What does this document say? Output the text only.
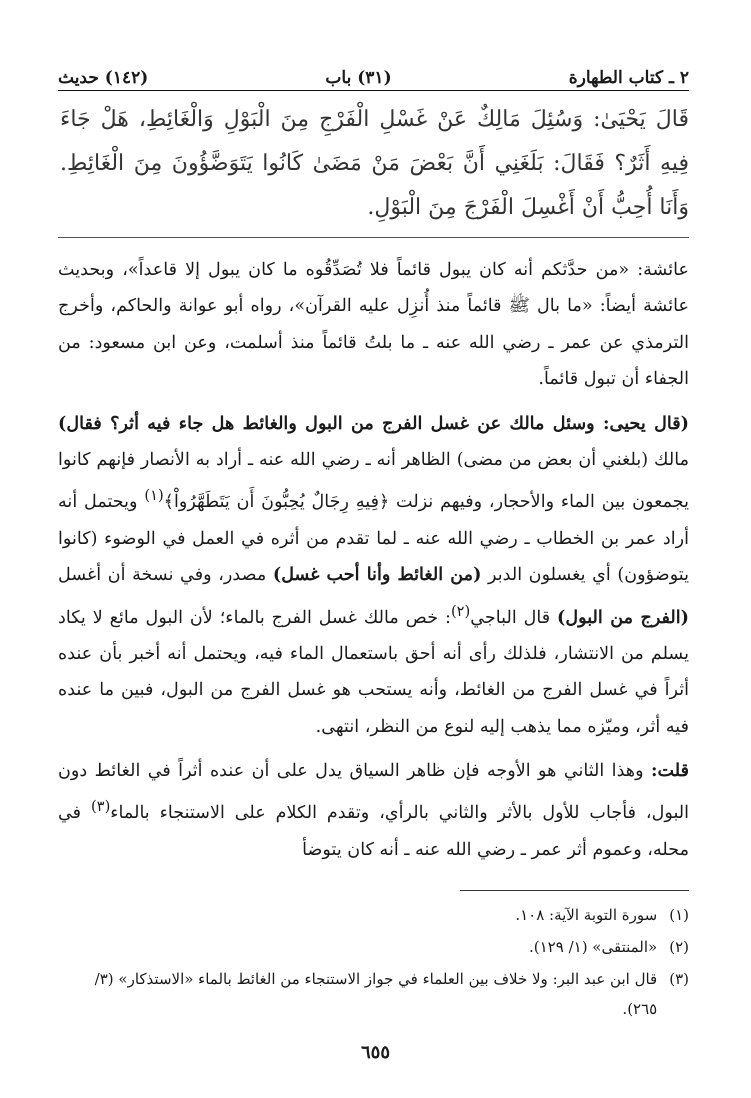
٢ ـ كتاب الطهارة
(٣١) باب
(١٤٢) حديث

قَالَ يَحْيَىٰ: وَسُئِلَ مَالِكٌ عَنْ غَسْلِ الْفَرْجِ مِنَ الْبَوْلِ وَالْغَائِطِ، هَلْ جَاءَ فِيهِ أَثَرٌ؟ فَقَالَ: بَلَغَنِي أَنَّ بَعْضَ مَنْ مَضَىٰ كَانُوا يَتَوَضَّؤُونَ مِنَ الْغَائِطِ. وَأَنَا أُحِبُّ أَنْ أَغْسِلَ الْفَرْجَ مِنَ الْبَوْلِ.

عائشة: «من حدَّثكم أنه كان يبول قائماً فلا تُصَدِّقُوه ما كان يبول إلا قاعداً»، وبحديث عائشة أيضاً: «ما بال ﷺ قائماً منذ أُنزِل عليه القرآن»، رواه أبو عوانة والحاكم، وأخرج الترمذي عن عمر ـ رضي الله عنه ـ ما بلتُ قائماً منذ أسلمت، وعن ابن مسعود: من الجفاء أن تبول قائماً.

(قال يحيى: وسئل مالك عن غسل الفرج من البول والغائط هل جاء فيه أثر؟ فقال) مالك (بلغني أن بعض من مضى) الظاهر أنه ـ رضي الله عنه ـ أراد به الأنصار فإنهم كانوا يجمعون بين الماء والأحجار، وفيهم نزلت ﴿فِيهِ رِجَالٌ يُحِبُّونَ أَن يَتَطَهَّرُواْ﴾$^{(١)}$ ويحتمل أنه أراد عمر بن الخطاب ـ رضي الله عنه ـ لما تقدم من أثره في العمل في الوضوء (كانوا يتوضؤون) أي يغسلون الدبر (من الغائط وأنا أحب غسل) مصدر، وفي نسخة أن أغسل (الفرج من البول) قال الباجي$^{(٢)}$: خص مالك غسل الفرج بالماء؛ لأن البول مائع لا يكاد يسلم من الانتشار، فلذلك رأى أنه أحق باستعمال الماء فيه، ويحتمل أنه أخبر بأن عنده أثراً في غسل الفرج من الغائط، وأنه يستحب هو غسل الفرج من البول، فبين ما عنده فيه أثر، وميّزه مما يذهب إليه لنوع من النظر، انتهى.

قلت: وهذا الثاني هو الأوجه فإن ظاهر السياق يدل على أن عنده أثراً في الغائط دون البول، فأجاب للأول بالأثر والثاني بالرأي، وتقدم الكلام على الاستنجاء بالماء$^{(٣)}$ في محله، وعموم أثر عمر ـ رضي الله عنه ـ أنه كان يتوضأ

(١)
سورة التوبة الآية: ١٠٨.
(٢)
«المنتقى» (١/ ١٢٩).
(٣)
قال ابن عبد البر: ولا خلاف بين العلماء في جواز الاستنجاء من الغائط بالماء «الاستذكار» (٣/ ٢٦٥).
٦٥٥
